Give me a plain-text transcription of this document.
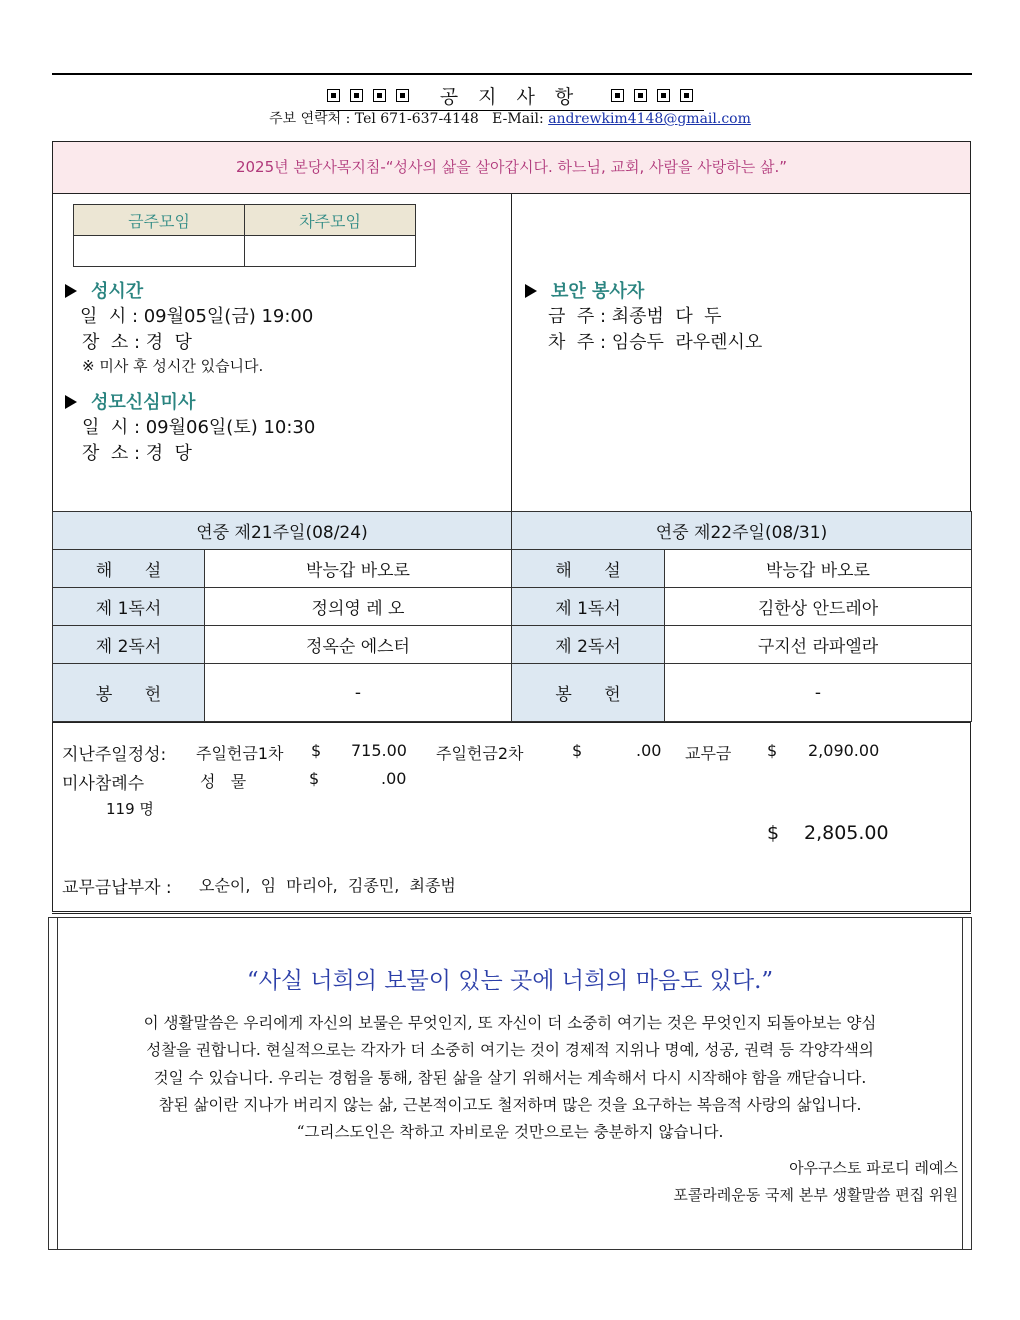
공 지 사 항
주보 연락처 : Tel 671-637-4148   E-Mail: andrewkim4148@gmail.com
2025년 본당사목지침-“성사의 삶을 살아갑시다. 하느님, 교회, 사람을 사랑하는 삶.”
금주모임	차주모임

성시간
일  시 : 09월05일(금) 19:00
장  소 : 경  당
※ 미사 후 성시간 있습니다.
성모신심미사
일  시 : 09월06일(토) 10:30
장  소 : 경  당
보안 봉사자
금  주 : 최종범  다  두
차  주 : 임승두  라우렌시오
연중 제21주일(08/24)		연중 제22주일(08/31)	
해      설	박능갑 바오로	해      설	박능갑 바오로
제 1독서	정의영 레 오	제 1독서	김한상 안드레아
제 2독서	정옥순 에스터	제 2독서	구지선 라파엘라
봉      헌	-	봉      헌	-
지난주일정성: 주일헌금1차 $ 715.00 주일헌금2차	$	.00 교무금 $ 2,090.00
미사참례수	성   물	$	.00
119 명
$ 2,805.00
교무금납부자 : 오순이,  임  마리아,  김종민,  최종범
“사실 너희의 보물이 있는 곳에 너희의 마음도 있다.”
이 생활말씀은 우리에게 자신의 보물은 무엇인지, 또 자신이 더 소중히 여기는 것은 무엇인지 되돌아보는 양심
성찰을 권합니다. 현실적으로는 각자가 더 소중히 여기는 것이 경제적 지위나 명예, 성공, 권력 등 각양각색의
것일 수 있습니다. 우리는 경험을 통해, 참된 삶을 살기 위해서는 계속해서 다시 시작해야 함을 깨닫습니다.
참된 삶이란 지나가 버리지 않는 삶, 근본적이고도 철저하며 많은 것을 요구하는 복음적 사랑의 삶입니다.
“그리스도인은 착하고 자비로운 것만으로는 충분하지 않습니다.
아우구스토 파로디 레예스
포콜라레운동 국제 본부 생활말씀 편집 위원
